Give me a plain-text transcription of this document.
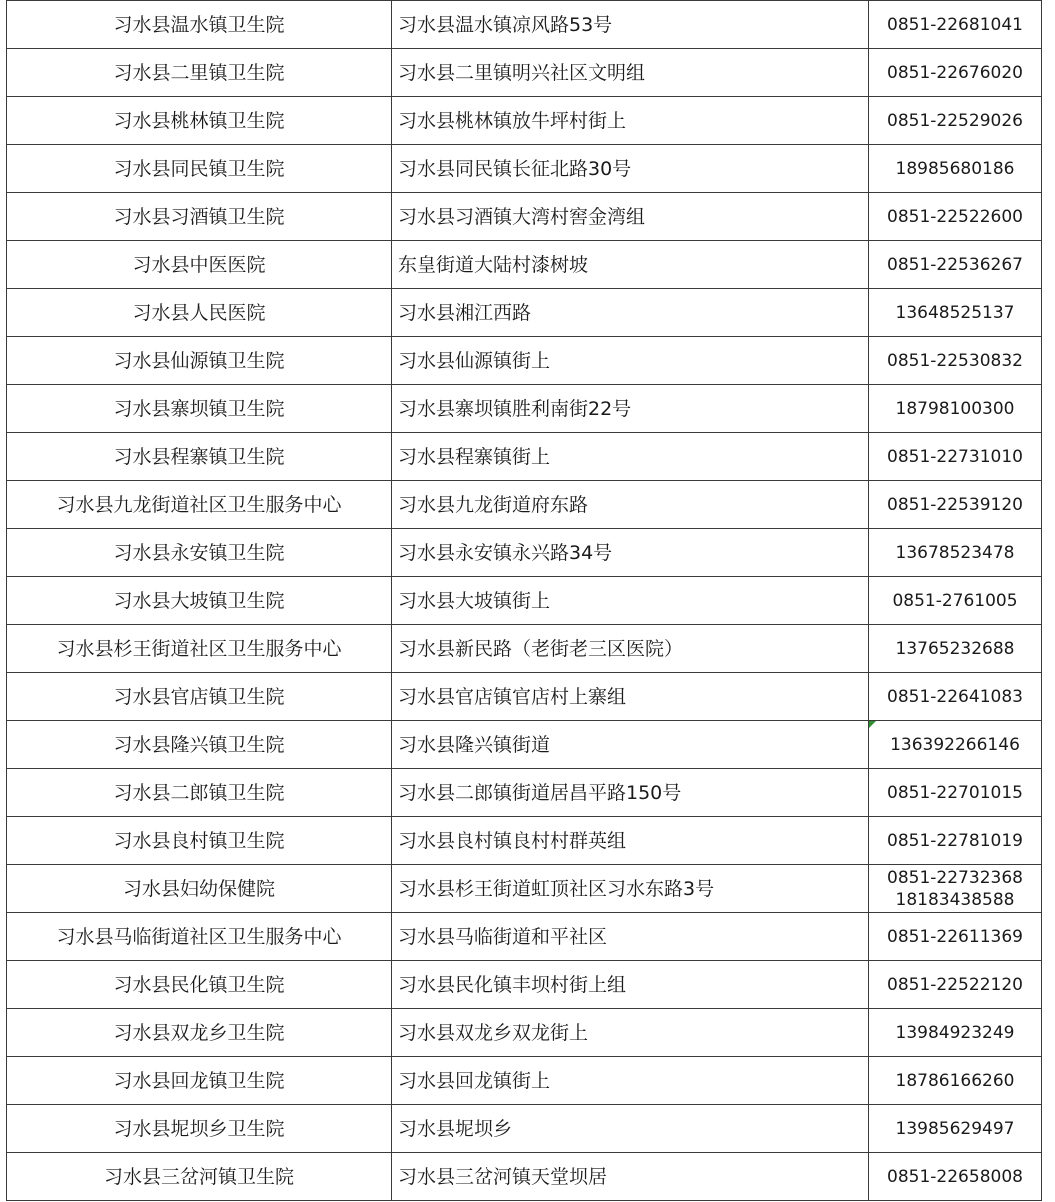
习水县温水镇卫生院	习水县温水镇凉风路53号	0851-22681041

习水县二里镇卫生院	习水县二里镇明兴社区文明组	0851-22676020

习水县桃林镇卫生院	习水县桃林镇放牛坪村街上	0851-22529026

习水县同民镇卫生院	习水县同民镇长征北路30号	18985680186

习水县习酒镇卫生院	习水县习酒镇大湾村窖金湾组	0851-22522600

习水县中医医院	东皇街道大陆村漆树坡	0851-22536267

习水县人民医院	习水县湘江西路	13648525137

习水县仙源镇卫生院	习水县仙源镇街上	0851-22530832

习水县寨坝镇卫生院	习水县寨坝镇胜利南街22号	18798100300

习水县程寨镇卫生院	习水县程寨镇街上	0851-22731010

习水县九龙街道社区卫生服务中心	习水县九龙街道府东路	0851-22539120

习水县永安镇卫生院	习水县永安镇永兴路34号	13678523478

习水县大坡镇卫生院	习水县大坡镇街上	0851-2761005

习水县杉王街道社区卫生服务中心	习水县新民路（老街老三区医院）	13765232688

习水县官店镇卫生院	习水县官店镇官店村上寨组	0851-22641083

习水县隆兴镇卫生院	习水县隆兴镇街道	136392266146

习水县二郎镇卫生院	习水县二郎镇街道居昌平路150号	0851-22701015

习水县良村镇卫生院	习水县良村镇良村村群英组	0851-22781019

习水县妇幼保健院	习水县杉王街道虹顶社区习水东路3号	0851-22732368
18183438588

习水县马临街道社区卫生服务中心	习水县马临街道和平社区	0851-22611369

习水县民化镇卫生院	习水县民化镇丰坝村街上组	0851-22522120

习水县双龙乡卫生院	习水县双龙乡双龙街上	13984923249

习水县回龙镇卫生院	习水县回龙镇街上	18786166260

习水县坭坝乡卫生院	习水县坭坝乡	13985629497

习水县三岔河镇卫生院	习水县三岔河镇天堂坝居	0851-22658008
